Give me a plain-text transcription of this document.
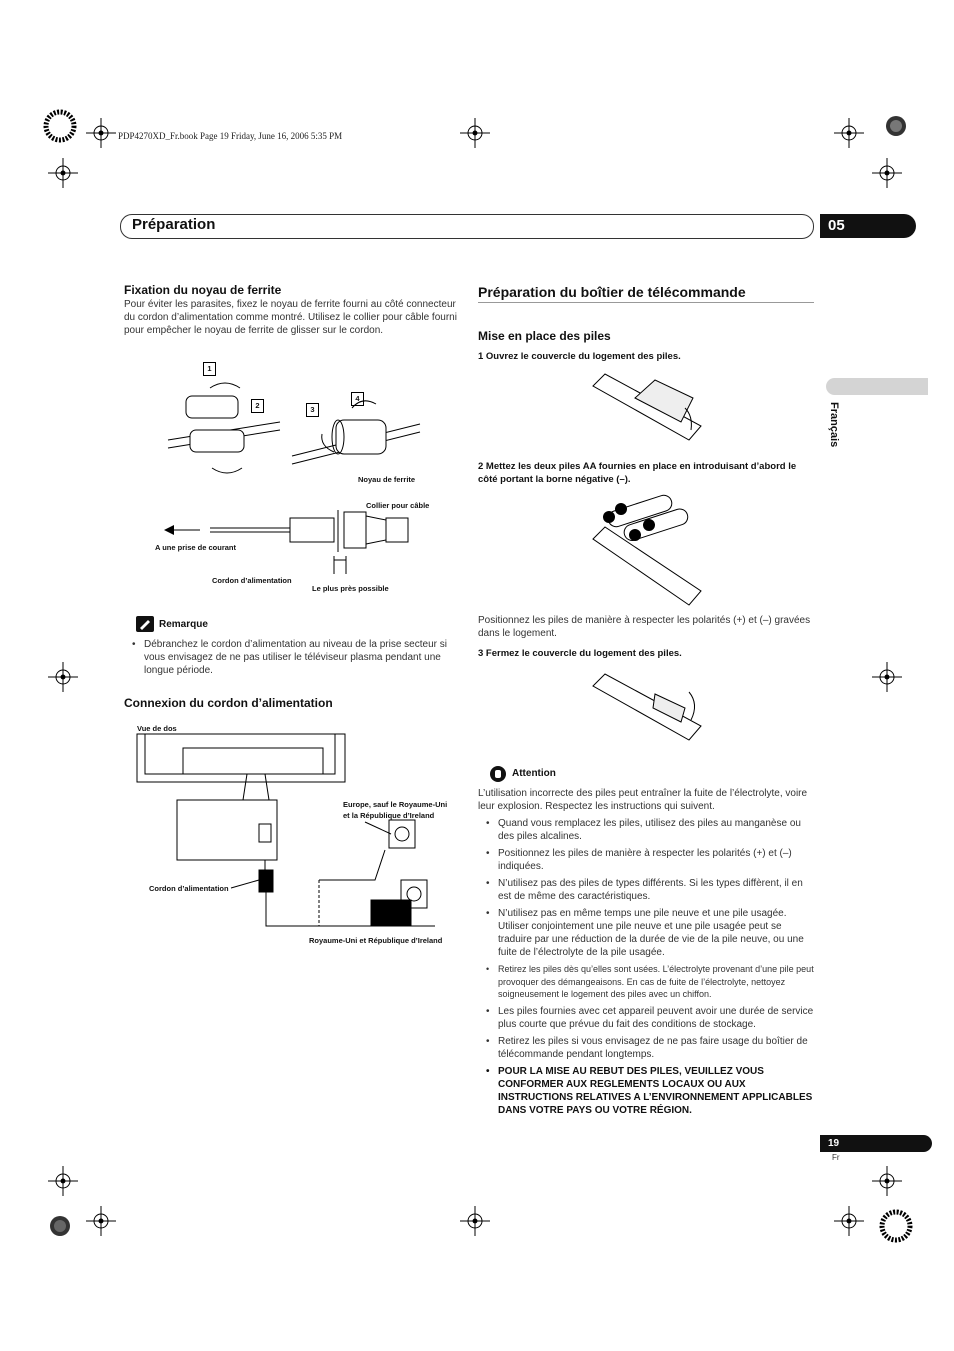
PDP4270XD_Fr.book Page 19 Friday, June 16, 2006 5:35 PM
Préparation	05
Français
Fixation du noyau de ferrite
Pour éviter les parasites, fixez le noyau de ferrite fourni au côté connecteur du cordon d’alimentation comme montré. Utilisez le collier pour câble fourni pour empêcher le noyau de ferrite de glisser sur le cordon.
1
2	3
4
Noyau de ferrite
Collier pour câble
A une prise de courant
Cordon d’alimentation
Le plus près possible
Remarque
• Débranchez le cordon d’alimentation au niveau de la prise secteur si vous envisagez de ne pas utiliser le téléviseur plasma pendant une longue période.
Connexion du cordon d’alimentation
Vue de dos
Europe, sauf le Royaume-Uni et la République d’Ireland
Cordon d’alimentation
Royaume-Uni et République d’Ireland
Préparation du boîtier de télécommande
Mise en place des piles
1 Ouvrez le couvercle du logement des piles.
2 Mettez les deux piles AA fournies en place en introduisant d’abord le côté portant la borne négative (–).
Positionnez les piles de manière à respecter les polarités (+) et (–) gravées dans le logement.
3 Fermez le couvercle du logement des piles.
Attention
L’utilisation incorrecte des piles peut entraîner la fuite de l’électrolyte, voire leur explosion. Respectez les instructions qui suivent.
• Quand vous remplacez les piles, utilisez des piles au manganèse ou des piles alcalines.
• Positionnez les piles de manière à respecter les polarités (+) et (–) indiquées.
• N’utilisez pas des piles de types différents. Si les types diffèrent, il en est de même des caractéristiques.
• N’utilisez pas en même temps une pile neuve et une pile usagée. Utiliser conjointement une pile neuve et une pile usagée peut se traduire par une réduction de la durée de vie de la pile neuve, ou une fuite de l’électrolyte de la pile usagée.
• Retirez les piles dès qu’elles sont usées. L’électrolyte provenant d’une pile peut provoquer des démangeaisons. En cas de fuite de l’électrolyte, nettoyez soigneusement le logement des piles avec un chiffon.
• Les piles fournies avec cet appareil peuvent avoir une durée de service plus courte que prévue du fait des conditions de stockage.
• Retirez les piles si vous envisagez de ne pas faire usage du boîtier de télécommande pendant longtemps.
• POUR LA MISE AU REBUT DES PILES, VEUILLEZ VOUS CONFORMER AUX REGLEMENTS LOCAUX OU AUX INSTRUCTIONS RELATIVES A L’ENVIRONNEMENT APPLICABLES DANS VOTRE PAYS OU VOTRE RÉGION.
19
Fr
